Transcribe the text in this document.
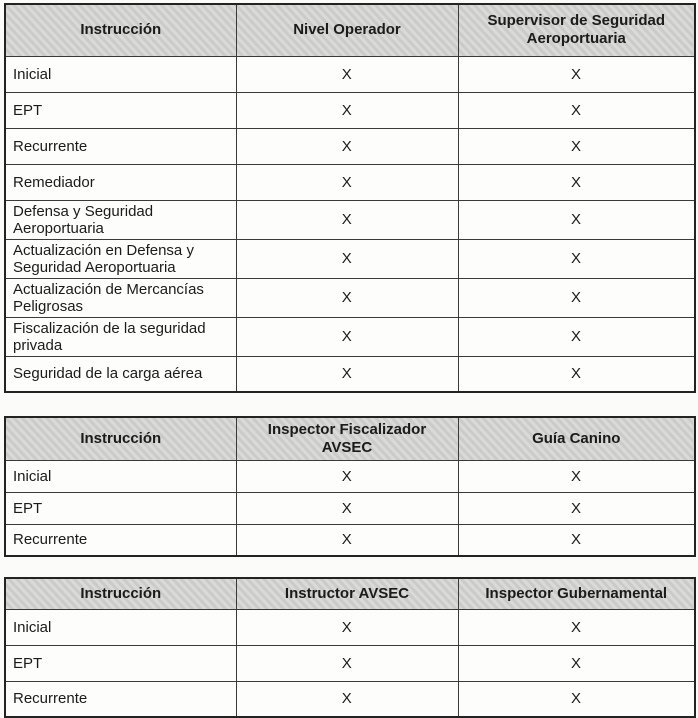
Instrucción	Nivel Operador	Supervisor de Seguridad Aeroportuaria
Inicial	X	X
EPT	X	X
Recurrente	X	X
Remediador	X	X
Defensa y Seguridad Aeroportuaria	X	X
Actualización en Defensa y Seguridad Aeroportuaria	X	X
Actualización de Mercancías Peligrosas	X	X
Fiscalización de la seguridad privada	X	X
Seguridad de la carga aérea	X	X
Instrucción	Inspector Fiscalizador AVSEC	Guía Canino
Inicial	X	X
EPT	X	X
Recurrente	X	X
Instrucción	Instructor AVSEC	Inspector Gubernamental
Inicial	X	X
EPT	X	X
Recurrente	X	X
